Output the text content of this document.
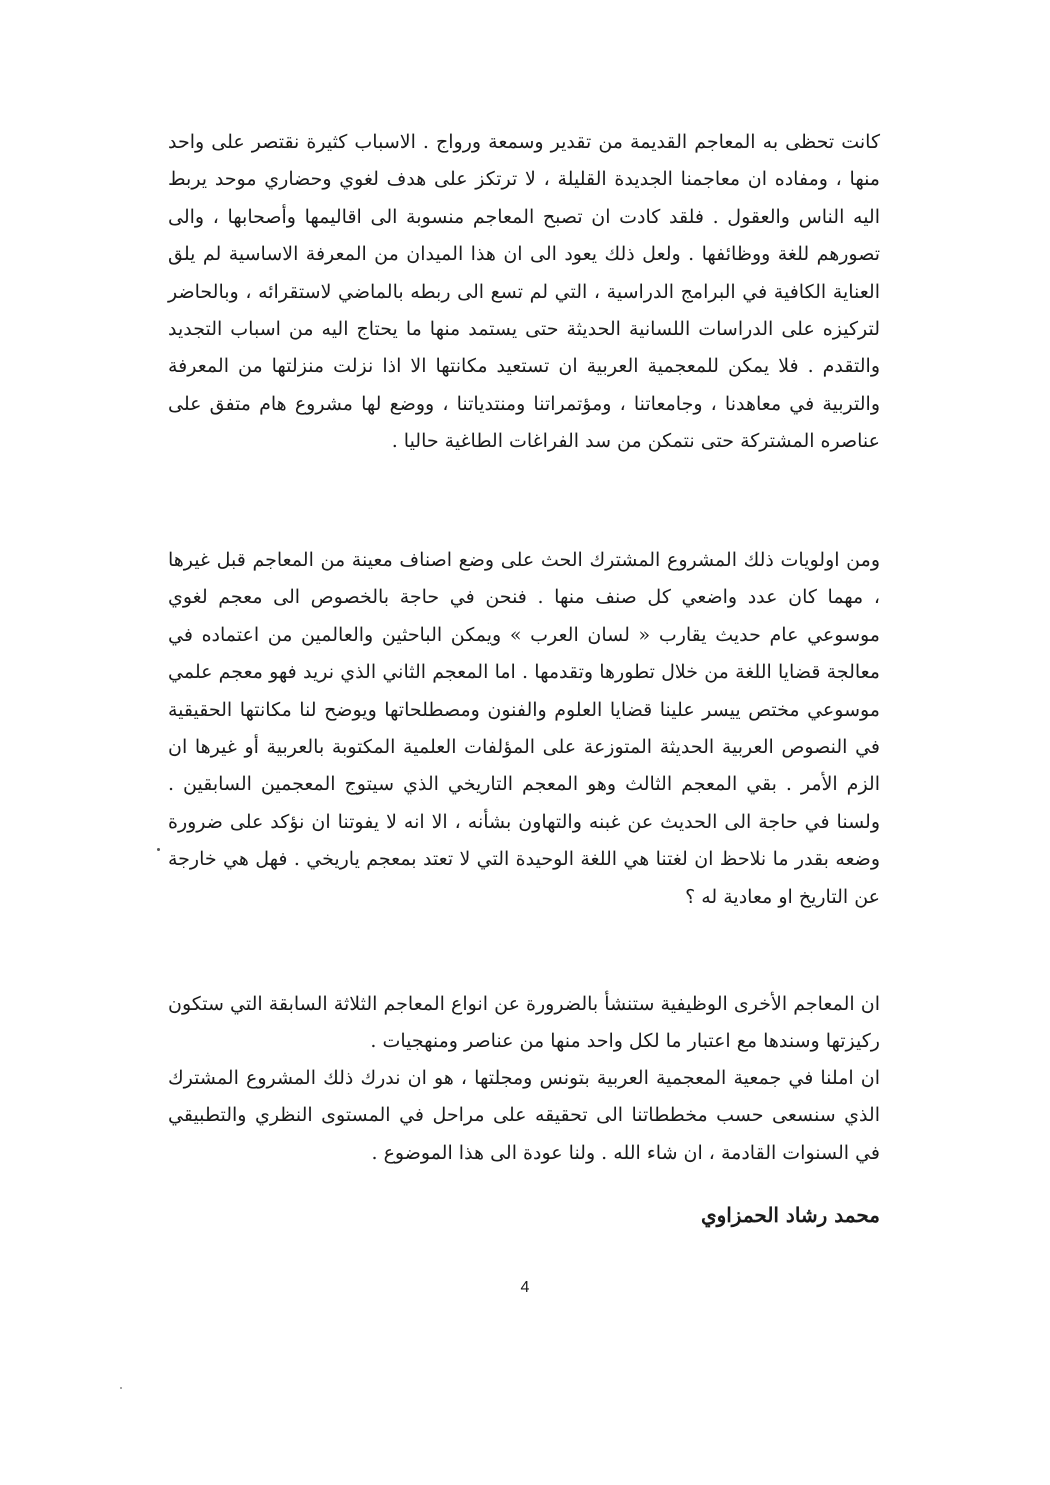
كانت تحظى به المعاجم القديمة من تقدير وسمعة ورواج . الاسباب كثيرة نقتصر على واحد منها ، ومفاده ان معاجمنا الجديدة القليلة ، لا ترتكز على هدف لغوي وحضاري موحد يربط اليه الناس والعقول . فلقد كادت ان تصبح المعاجم منسوبة الى اقاليمها وأصحابها ، والى تصورهم للغة ووظائفها . ولعل ذلك يعود الى ان هذا الميدان من المعرفة الاساسية لم يلق العناية الكافية في البرامج الدراسية ، التي لم تسع الى ربطه بالماضي لاستقرائه ، وبالحاضر لتركيزه على الدراسات اللسانية الحديثة حتى يستمد منها ما يحتاج اليه من اسباب التجديد والتقدم . فلا يمكن للمعجمية العربية ان تستعيد مكانتها الا اذا نزلت منزلتها من المعرفة والتربية في معاهدنا ، وجامعاتنا ، ومؤتمراتنا ومنتدياتنا ، ووضع لها مشروع هام متفق على عناصره المشتركة حتى نتمكن من سد الفراغات الطاغية حاليا .

ومن اولويات ذلك المشروع المشترك الحث على وضع اصناف معينة من المعاجم قبل غيرها ، مهما كان عدد واضعي كل صنف منها . فنحن في حاجة بالخصوص الى معجم لغوي موسوعي عام حديث يقارب « لسان العرب » ويمكن الباحثين والعالمين من اعتماده في معالجة قضايا اللغة من خلال تطورها وتقدمها . اما المعجم الثاني الذي نريد فهو معجم علمي موسوعي مختص ييسر علينا قضايا العلوم والفنون ومصطلحاتها ويوضح لنا مكانتها الحقيقية في النصوص العربية الحديثة المتوزعة على المؤلفات العلمية المكتوبة بالعربية أو غيرها ان الزم الأمر . بقي المعجم الثالث وهو المعجم التاريخي الذي سيتوج المعجمين السابقين . ولسنا في حاجة الى الحديث عن غبنه والتهاون بشأنه ، الا انه لا يفوتنا ان نؤكد على ضرورة وضعه بقدر ما نلاحظ ان لغتنا هي اللغة الوحيدة التي لا تعتد بمعجم ياريخي . فهل هي خارجة عن التاريخ او معادية له ؟

ان المعاجم الأخرى الوظيفية ستنشأ بالضرورة عن انواع المعاجم الثلاثة السابقة التي ستكون ركيزتها وسندها مع اعتبار ما لكل واحد منها من عناصر ومنهجيات .

ان املنا في جمعية المعجمية العربية بتونس ومجلتها ، هو ان ندرك ذلك المشروع المشترك الذي سنسعى حسب مخططاتنا الى تحقيقه على مراحل في المستوى النظري والتطبيقي في السنوات القادمة ، ان شاء الله . ولنا عودة الى هذا الموضوع .

محمد رشاد الحمزاوي

4
